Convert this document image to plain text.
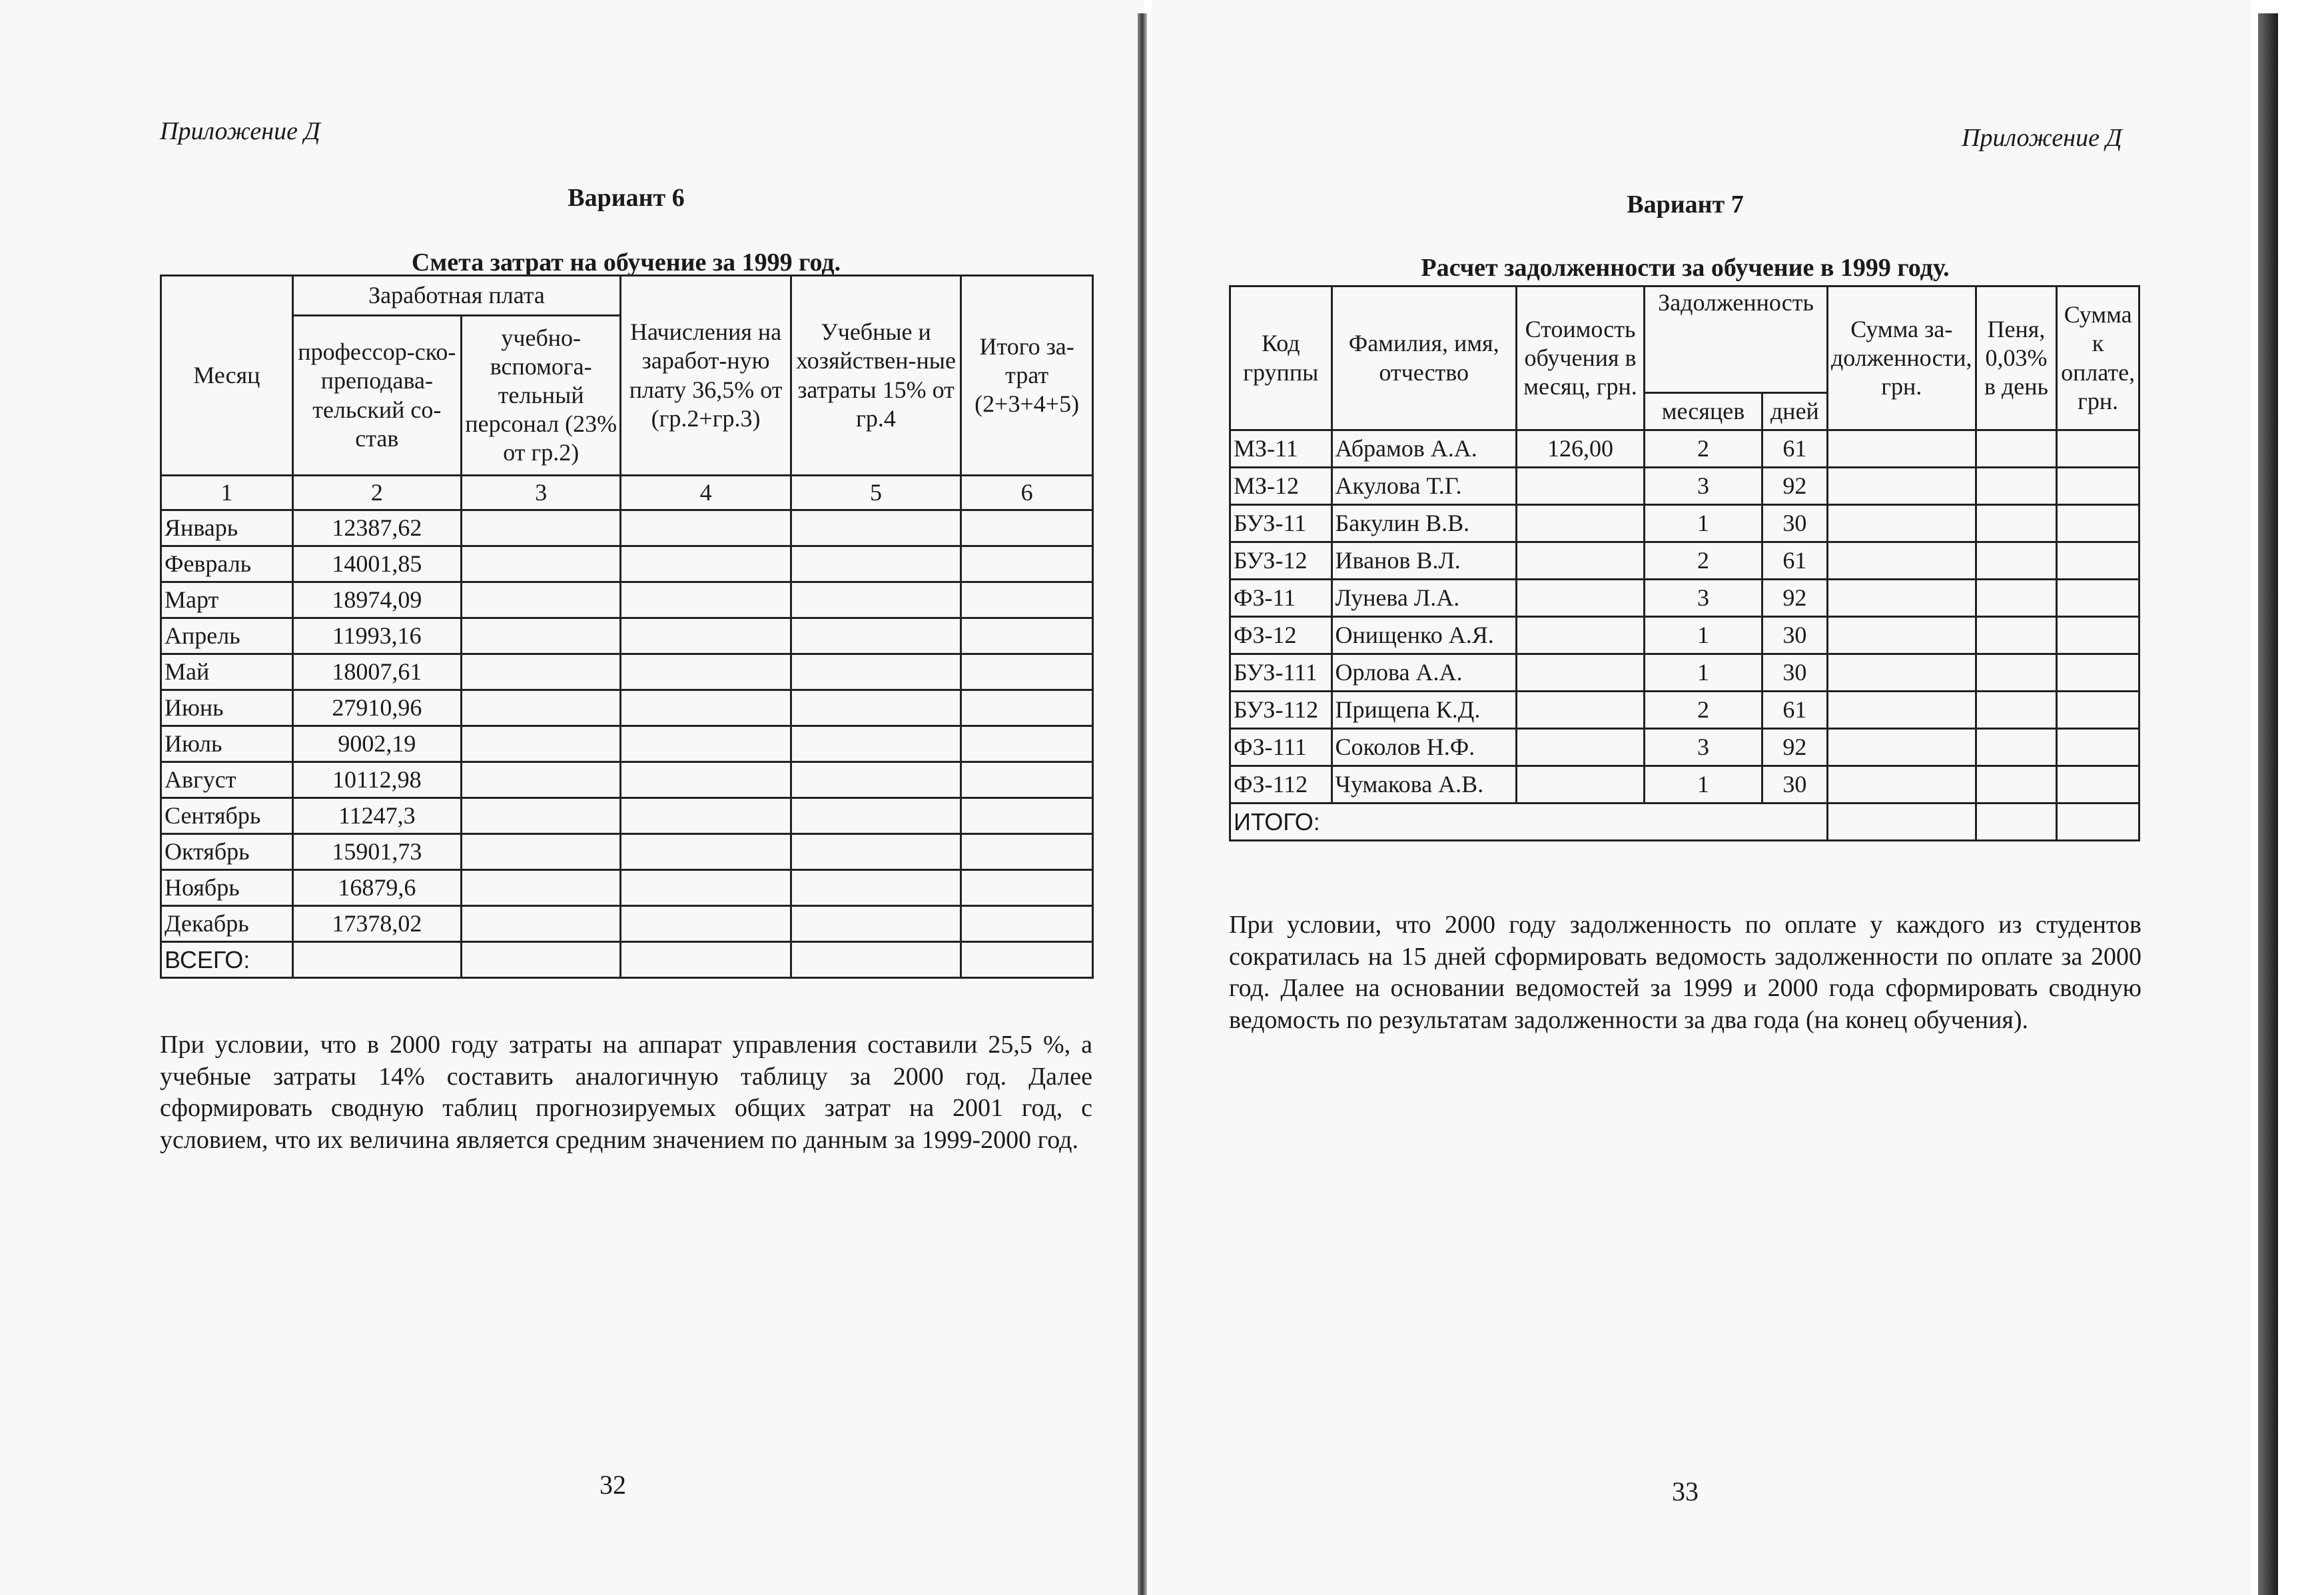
Приложение Д
Вариант 6
Смета затрат на обучение за 1999 год.
Месяц	Заработная плата		Начисления на заработ-ную плату 36,5% от (гр.2+гр.3)	Учебные и хозяйствен-ные затраты 15% от гр.4	Итого за-трат (2+3+4+5)
	профессор-ско-преподава-тельский со-став	учебно-вспомога-тельный персонал (23% от гр.2)			
1	2	3	4	5	6
Январь	12387,62				
Февраль	14001,85				
Март	18974,09				
Апрель	11993,16				
Май	18007,61				
Июнь	27910,96				
Июль	9002,19				
Август	10112,98				
Сентябрь	11247,3				
Октябрь	15901,73				
Ноябрь	16879,6				
Декабрь	17378,02				
ВСЕГО:					
При условии, что в 2000 году затраты на аппарат управления составили 25,5 %, а учебные затраты 14% составить аналогичную таблицу за 2000 год. Далее сформировать сводную таблиц прогнозируемых общих затрат на 2001 год, с условием, что их величина является средним значением по данным за 1999-2000 год.
32
Приложение Д
Вариант 7
Расчет задолженности за обучение в 1999 году.
Код группы	Фамилия, имя, отчество	Стоимость обучения в месяц, грн.	Задолженность		Сумма за-долженности, грн.	Пеня, 0,03% в день	Сумма к оплате, грн.
			месяцев	дней			
МЗ-11	Абрамов А.А.	126,00	2	61			
МЗ-12	Акулова Т.Г.		3	92			
БУЗ-11	Бакулин В.В.		1	30			
БУЗ-12	Иванов В.Л.		2	61			
ФЗ-11	Лунева Л.А.		3	92			
ФЗ-12	Онищенко А.Я.		1	30			
БУЗ-111	Орлова А.А.		1	30			
БУЗ-112	Прищепа К.Д.		2	61			
ФЗ-111	Соколов Н.Ф.		3	92			
ФЗ-112	Чумакова А.В.		1	30			
ИТОГО:							
При условии, что 2000 году задолженность по оплате у каждого из студентов сократилась на 15 дней сформировать ведомость задолженности по оплате за 2000 год. Далее на основании ведомостей за 1999 и 2000 года сформировать сводную ведомость по результатам задолженности за два года (на конец обучения).
33
